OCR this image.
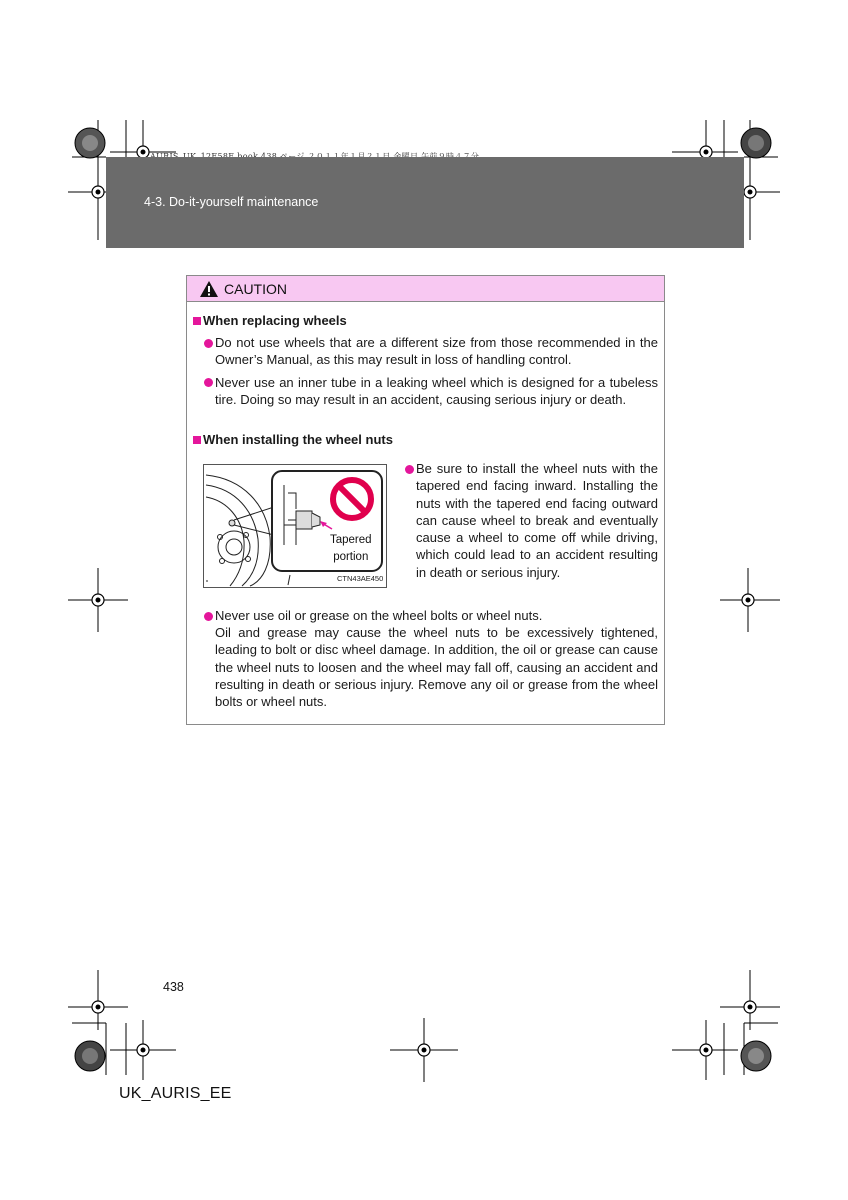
4-3. Do-it-yourself maintenance
CAUTION
When replacing wheels
Do not use wheels that are a different size from those recommended in the Owner’s Manual, as this may result in loss of handling control.
Never use an inner tube in a leaking wheel which is designed for a tubeless tire. Doing so may result in an accident, causing serious injury or death.
When installing the wheel nuts
Tapered
portion
CTN43AE450
Be sure to install the wheel nuts with the tapered end facing inward. Installing the nuts with the tapered end facing outward can cause wheel to break and eventually cause a wheel to come off while driving, which could lead to an accident resulting in death or serious injury.
Never use oil or grease on the wheel bolts or wheel nuts.
Oil and grease may cause the wheel nuts to be excessively tightened, leading to bolt or disc wheel damage. In addition, the oil or grease can cause the wheel nuts to loosen and the wheel may fall off, causing an accident and resulting in death or serious injury. Remove any oil or grease from the wheel bolts or wheel nuts.
438
UK_AURIS_EE
